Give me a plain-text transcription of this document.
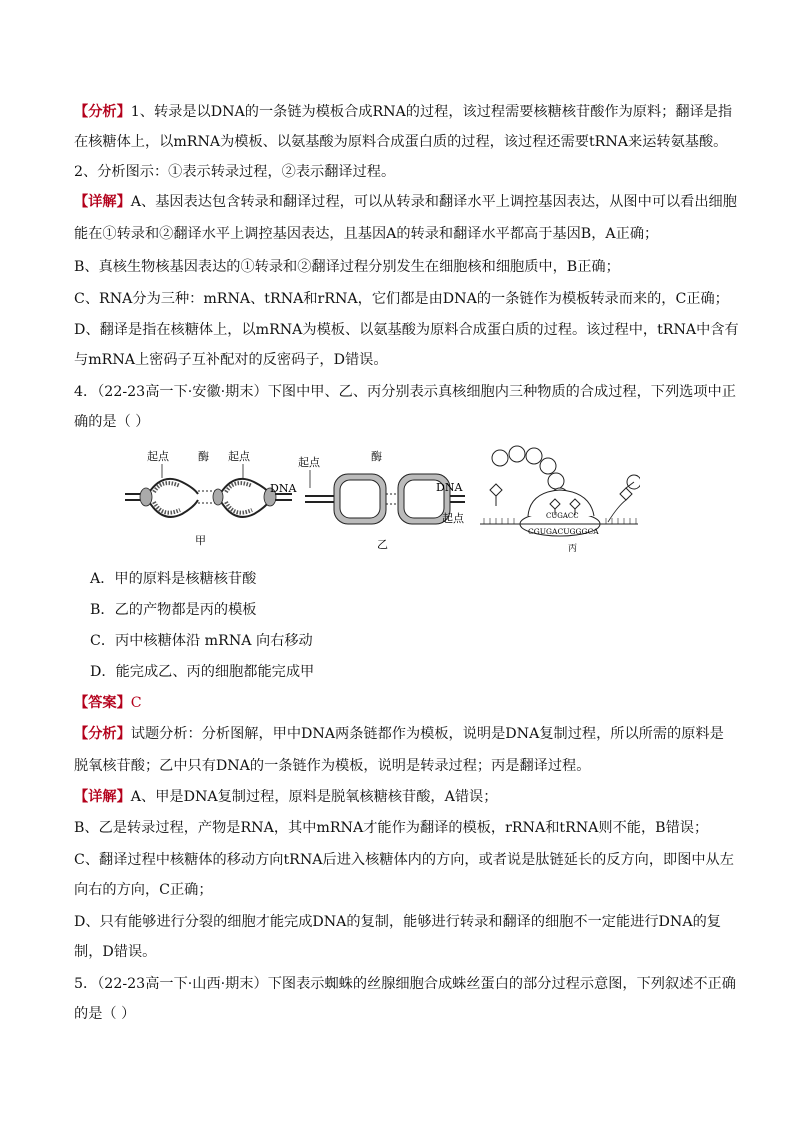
【分析】1、转录是以DNA的一条链为模板合成RNA的过程，该过程需要核糖核苷酸作为原料；翻译是指
在核糖体上，以mRNA为模板、以氨基酸为原料合成蛋白质的过程，该过程还需要tRNA来运转氨基酸。
2、分析图示：①表示转录过程，②表示翻译过程。
【详解】A、基因表达包含转录和翻译过程，可以从转录和翻译水平上调控基因表达，从图中可以看出细胞
能在①转录和②翻译水平上调控基因表达，且基因A的转录和翻译水平都高于基因B，A正确；
B、真核生物核基因表达的①转录和②翻译过程分别发生在细胞核和细胞质中，B正确；
C、RNA分为三种：mRNA、tRNA和rRNA，它们都是由DNA的一条链作为模板转录而来的，C正确；
D、翻译是指在核糖体上，以mRNA为模板、以氨基酸为原料合成蛋白质的过程。该过程中，tRNA中含有
与mRNA上密码子互补配对的反密码子，D错误。
4．（22-23高一下·安徽·期末）下图中甲、乙、丙分别表示真核细胞内三种物质的合成过程，下列选项中正
确的是（ ）
起点	酶 起点
DNA
甲
起点	酶
DNA
起点
乙
CUGACC
CGUGACUGGGCA
丙
A．甲的原料是核糖核苷酸
B．乙的产物都是丙的模板
C．丙中核糖体沿 mRNA 向右移动
D．能完成乙、丙的细胞都能完成甲
【答案】C
【分析】试题分析：分析图解，甲中DNA两条链都作为模板，说明是DNA复制过程，所以所需的原料是
脱氧核苷酸；乙中只有DNA的一条链作为模板，说明是转录过程；丙是翻译过程。
【详解】A、甲是DNA复制过程，原料是脱氧核糖核苷酸，A错误；
B、乙是转录过程，产物是RNA，其中mRNA才能作为翻译的模板，rRNA和tRNA则不能，B错误；
C、翻译过程中核糖体的移动方向tRNA后进入核糖体内的方向，或者说是肽链延长的反方向，即图中从左
向右的方向，C正确；
D、只有能够进行分裂的细胞才能完成DNA的复制，能够进行转录和翻译的细胞不一定能进行DNA的复
制，D错误。
5．（22-23高一下·山西·期末）下图表示蜘蛛的丝腺细胞合成蛛丝蛋白的部分过程示意图，下列叙述不正确
的是（ ）
